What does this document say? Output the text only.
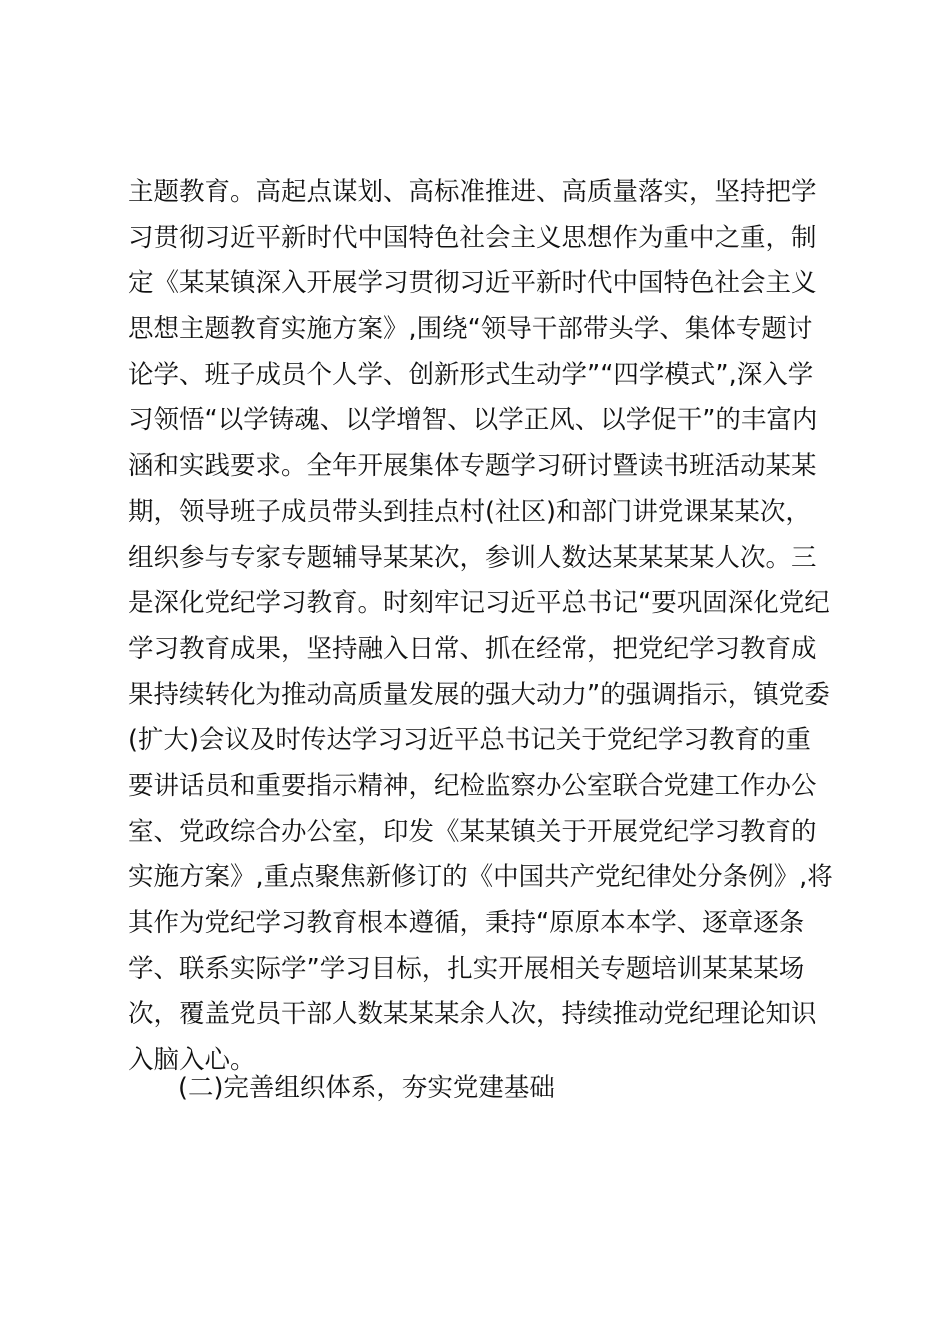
主题教育。高起点谋划、高标准推进、高质量落实，坚持把学
习贯彻习近平新时代中国特色社会主义思想作为重中之重，制
定《某某镇深入开展学习贯彻习近平新时代中国特色社会主义
思想主题教育实施方案》,围绕“领导干部带头学、集体专题讨
论学、班子成员个人学、创新形式生动学”“四学模式”,深入学
习领悟“以学铸魂、以学增智、以学正风、以学促干”的丰富内
涵和实践要求。全年开展集体专题学习研讨暨读书班活动某某
期，领导班子成员带头到挂点村(社区)和部门讲党课某某次，
组织参与专家专题辅导某某次，参训人数达某某某某人次。三
是深化党纪学习教育。时刻牢记习近平总书记“要巩固深化党纪
学习教育成果，坚持融入日常、抓在经常，把党纪学习教育成
果持续转化为推动高质量发展的强大动力”的强调指示，镇党委
(扩大)会议及时传达学习习近平总书记关于党纪学习教育的重
要讲话员和重要指示精神，纪检监察办公室联合党建工作办公
室、党政综合办公室，印发《某某镇关于开展党纪学习教育的
实施方案》,重点聚焦新修订的《中国共产党纪律处分条例》,将
其作为党纪学习教育根本遵循，秉持“原原本本学、逐章逐条
学、联系实际学”学习目标，扎实开展相关专题培训某某某场
次，覆盖党员干部人数某某某余人次，持续推动党纪理论知识
入脑入心。
(二)完善组织体系，夯实党建基础
